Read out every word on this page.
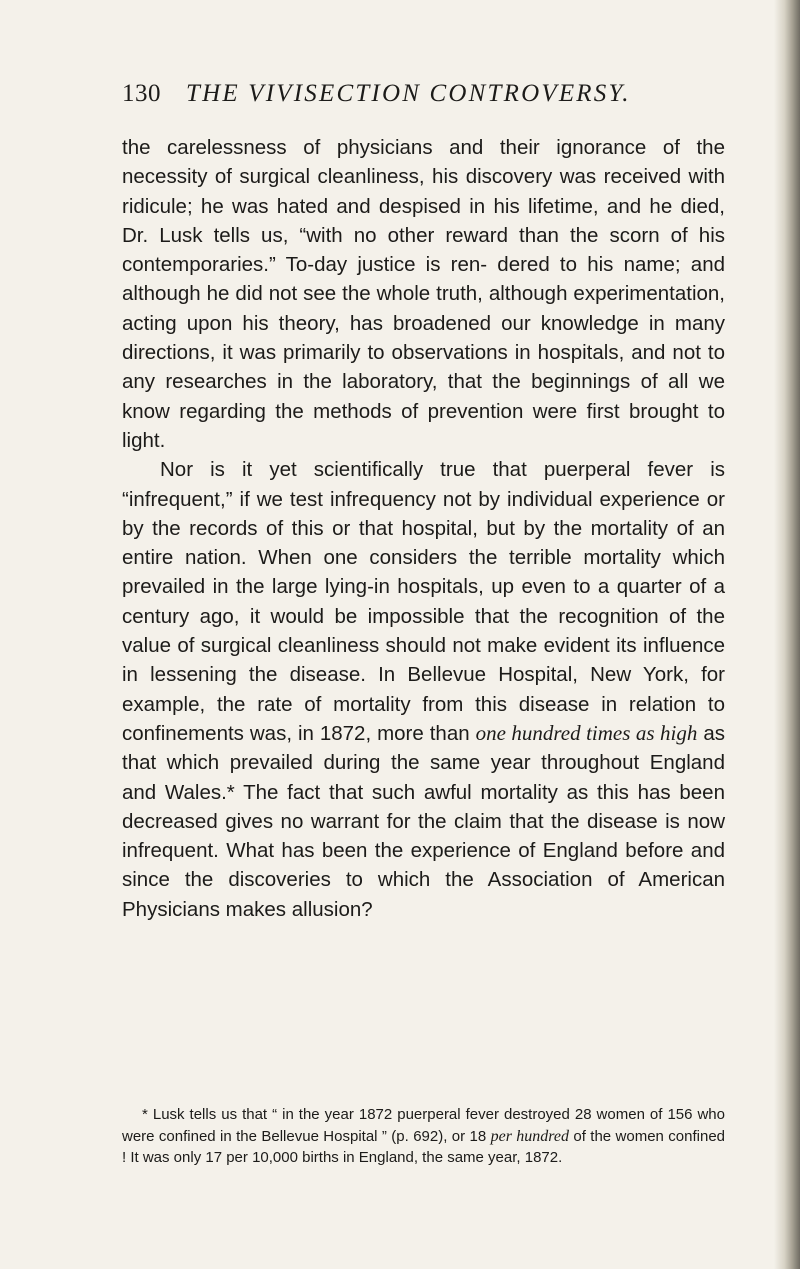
130 THE VIVISECTION CONTROVERSY.

the carelessness of physicians and their ignorance of the necessity of surgical cleanliness, his discovery was received with ridicule; he was hated and despised in his lifetime, and he died, Dr. Lusk tells us, “with no other reward than the scorn of his contemporaries.” To-day justice is ren- dered to his name; and although he did not see the whole truth, although experimentation, acting upon his theory, has broadened our knowledge in many directions, it was primarily to observations in hospitals, and not to any researches in the laboratory, that the beginnings of all we know regarding the methods of prevention were first brought to light.

Nor is it yet scientifically true that puerperal fever is “infrequent,” if we test infrequency not by individual experience or by the records of this or that hospital, but by the mortality of an entire nation. When one considers the terrible mortality which prevailed in the large lying-in hospitals, up even to a quarter of a century ago, it would be impossible that the recognition of the value of surgical cleanliness should not make evident its influence in lessening the disease. In Bellevue Hospital, New York, for example, the rate of mortality from this disease in relation to confinements was, in 1872, more than one hundred times as high as that which prevailed during the same year throughout England and Wales.* The fact that such awful mortality as this has been decreased gives no warrant for the claim that the disease is now infrequent. What has been the experience of England before and since the discoveries to which the Association of American Physicians makes allusion?

* Lusk tells us that “ in the year 1872 puerperal fever destroyed 28 women of 156 who were confined in the Bellevue Hospital ” (p. 692), or 18 per hundred of the women confined ! It was only 17 per 10,000 births in England, the same year, 1872.
